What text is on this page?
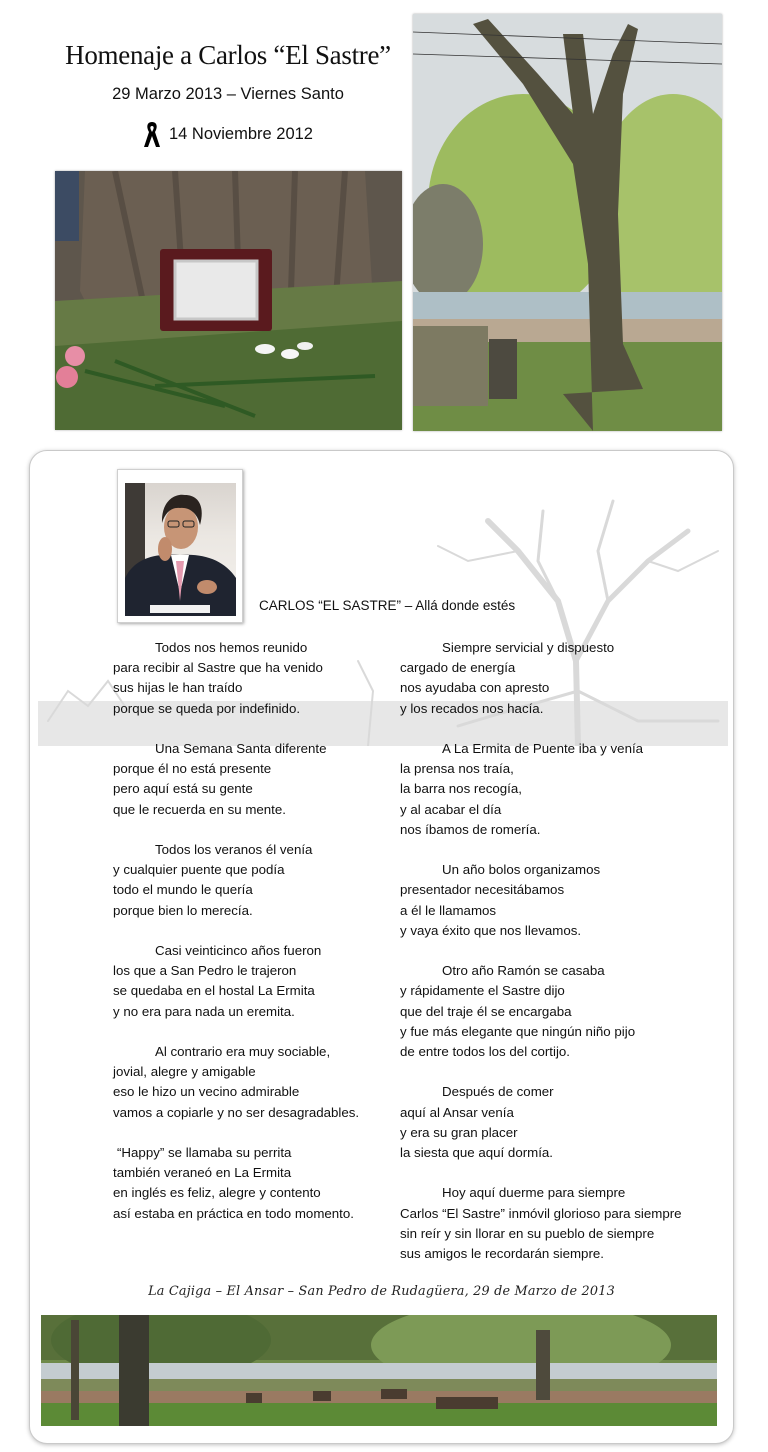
Homenaje a Carlos “El Sastre”
29 Marzo 2013 – Viernes Santo
14 Noviembre 2012
CARLOS “EL SASTRE” – Allá donde estés
Todos nos hemos reunido
para recibir al Sastre que ha venido
sus hijas le han traído
porque se queda por indefinido.
Una Semana Santa diferente
porque él no está presente
pero aquí está su gente
que le recuerda en su mente.
Todos los veranos él venía
y cualquier puente que podía
todo el mundo le quería
porque bien lo merecía.
Casi veinticinco años fueron
los que a San Pedro le trajeron
se quedaba en el hostal La Ermita
y no era para nada un eremita.
Al contrario era muy sociable,
jovial, alegre y amigable
eso le hizo un vecino admirable
vamos a copiarle y no ser desagradables.
“Happy” se llamaba su perrita
también veraneó en La Ermita
en inglés es feliz, alegre y contento
así estaba en práctica en todo momento.
Siempre servicial y dispuesto
cargado de energía
nos ayudaba con apresto
y los recados nos hacía.
A La Ermita de Puente iba y venía
la prensa nos traía,
la barra nos recogía,
y al acabar el día
nos íbamos de romería.
Un año bolos organizamos
presentador necesitábamos
a él le llamamos
y vaya éxito que nos llevamos.
Otro año Ramón se casaba
y rápidamente el Sastre dijo
que del traje él se encargaba
y fue más elegante que ningún niño pijo
de entre todos los del cortijo.
Después de comer
aquí al Ansar venía
y era su gran placer
la siesta que aquí dormía.
Hoy aquí duerme para siempre
Carlos “El Sastre” inmóvil glorioso para siempre
sin reír y sin llorar en su pueblo de siempre
sus amigos le recordarán siempre.
La Cajiga – El Ansar – San Pedro de Rudagüera, 29 de Marzo de 2013
